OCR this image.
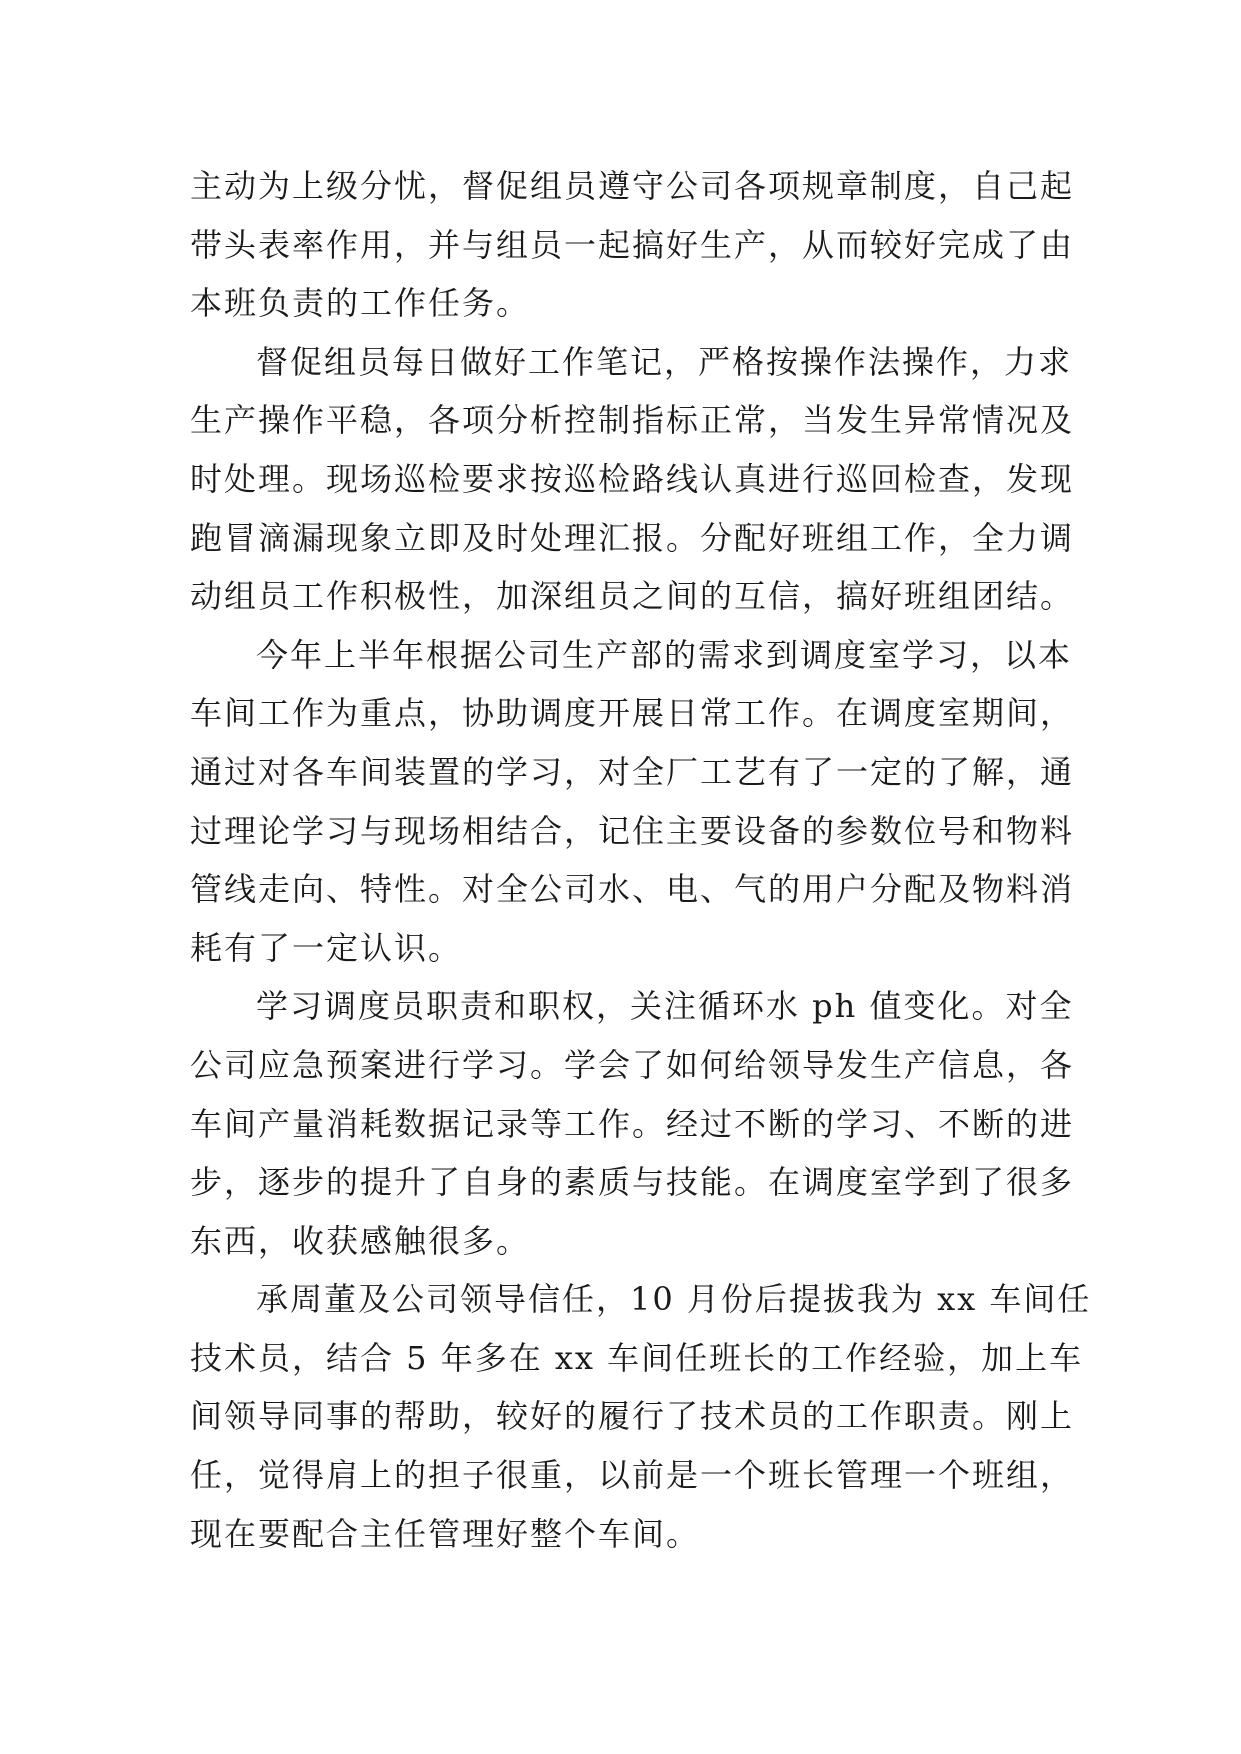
主动为上级分忧，督促组员遵守公司各项规章制度，自己起
带头表率作用，并与组员一起搞好生产，从而较好完成了由
本班负责的工作任务。
督促组员每日做好工作笔记，严格按操作法操作，力求
生产操作平稳，各项分析控制指标正常，当发生异常情况及
时处理。现场巡检要求按巡检路线认真进行巡回检查，发现
跑冒滴漏现象立即及时处理汇报。分配好班组工作，全力调
动组员工作积极性，加深组员之间的互信，搞好班组团结。
今年上半年根据公司生产部的需求到调度室学习，以本
车间工作为重点，协助调度开展日常工作。在调度室期间，
通过对各车间装置的学习，对全厂工艺有了一定的了解，通
过理论学习与现场相结合，记住主要设备的参数位号和物料
管线走向、特性。对全公司水、电、气的用户分配及物料消
耗有了一定认识。
学习调度员职责和职权，关注循环水 ph 值变化。对全
公司应急预案进行学习。学会了如何给领导发生产信息，各
车间产量消耗数据记录等工作。经过不断的学习、不断的进
步，逐步的提升了自身的素质与技能。在调度室学到了很多
东西，收获感触很多。
承周董及公司领导信任，10 月份后提拔我为 xx 车间任
技术员，结合 5 年多在 xx 车间任班长的工作经验，加上车
间领导同事的帮助，较好的履行了技术员的工作职责。刚上
任，觉得肩上的担子很重，以前是一个班长管理一个班组，
现在要配合主任管理好整个车间。
